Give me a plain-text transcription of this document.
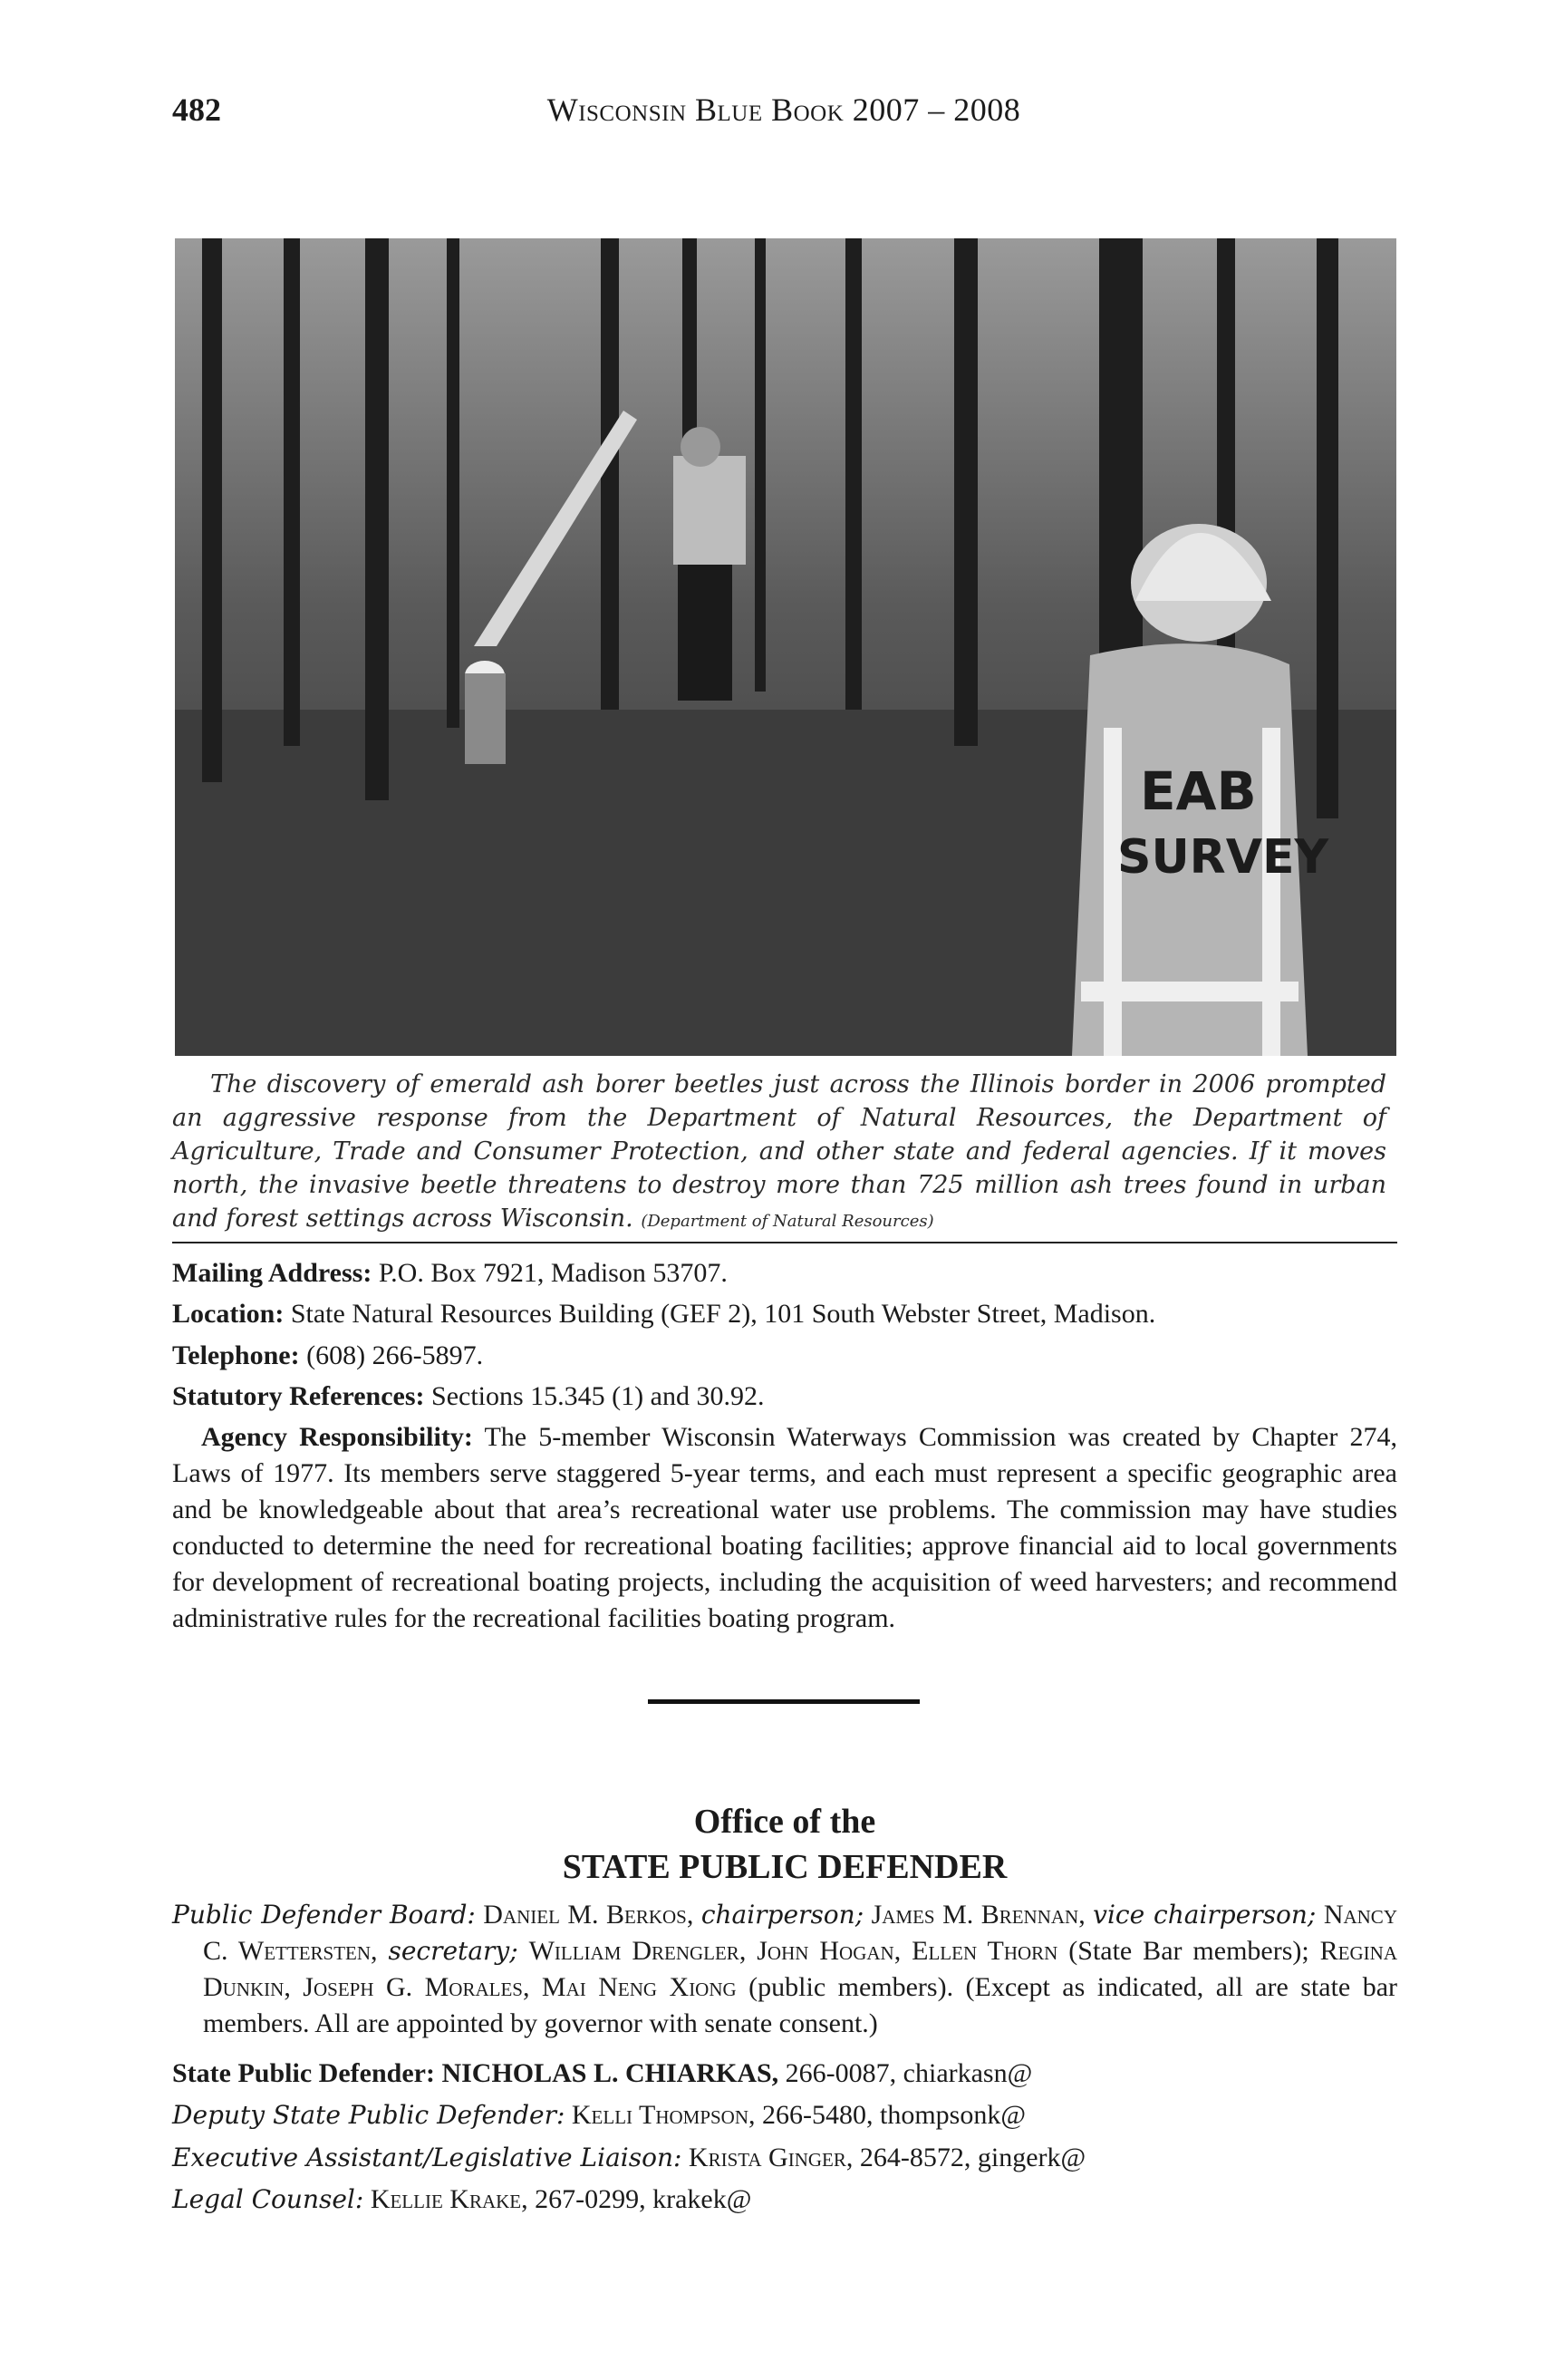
482	Wisconsin Blue Book 2007 – 2008
EAB
SURVEY
The discovery of emerald ash borer beetles just across the Illinois border in 2006 prompted an aggressive response from the Department of Natural Resources, the Department of Agriculture, Trade and Consumer Protection, and other state and federal agencies. If it moves north, the invasive beetle threatens to destroy more than 725 million ash trees found in urban and forest settings across Wisconsin. (Department of Natural Resources)
Mailing Address: P.O. Box 7921, Madison 53707.
Location: State Natural Resources Building (GEF 2), 101 South Webster Street, Madison.
Telephone: (608) 266-5897.
Statutory References: Sections 15.345 (1) and 30.92.
Agency Responsibility: The 5-member Wisconsin Waterways Commission was created by Chapter 274, Laws of 1977. Its members serve staggered 5-year terms, and each must represent a specific geographic area and be knowledgeable about that area’s recreational water use problems. The commission may have studies conducted to determine the need for recreational boating facilities; approve financial aid to local governments for development of recreational boating projects, including the acquisition of weed harvesters; and recommend administrative rules for the recreational facilities boating program.
Office of the
STATE PUBLIC DEFENDER
Public Defender Board: Daniel M. Berkos, chairperson; James M. Brennan, vice chairperson; Nancy C. Wettersten, secretary; William Drengler, John Hogan, Ellen Thorn (State Bar members); Regina Dunkin, Joseph G. Morales, Mai Neng Xiong (public members). (Except as indicated, all are state bar members. All are appointed by governor with senate consent.)
State Public Defender: NICHOLAS L. CHIARKAS, 266-0087, chiarkasn@
Deputy State Public Defender: Kelli Thompson, 266-5480, thompsonk@
Executive Assistant/Legislative Liaison: Krista Ginger, 264-8572, gingerk@
Legal Counsel: Kellie Krake, 267-0299, krakek@
